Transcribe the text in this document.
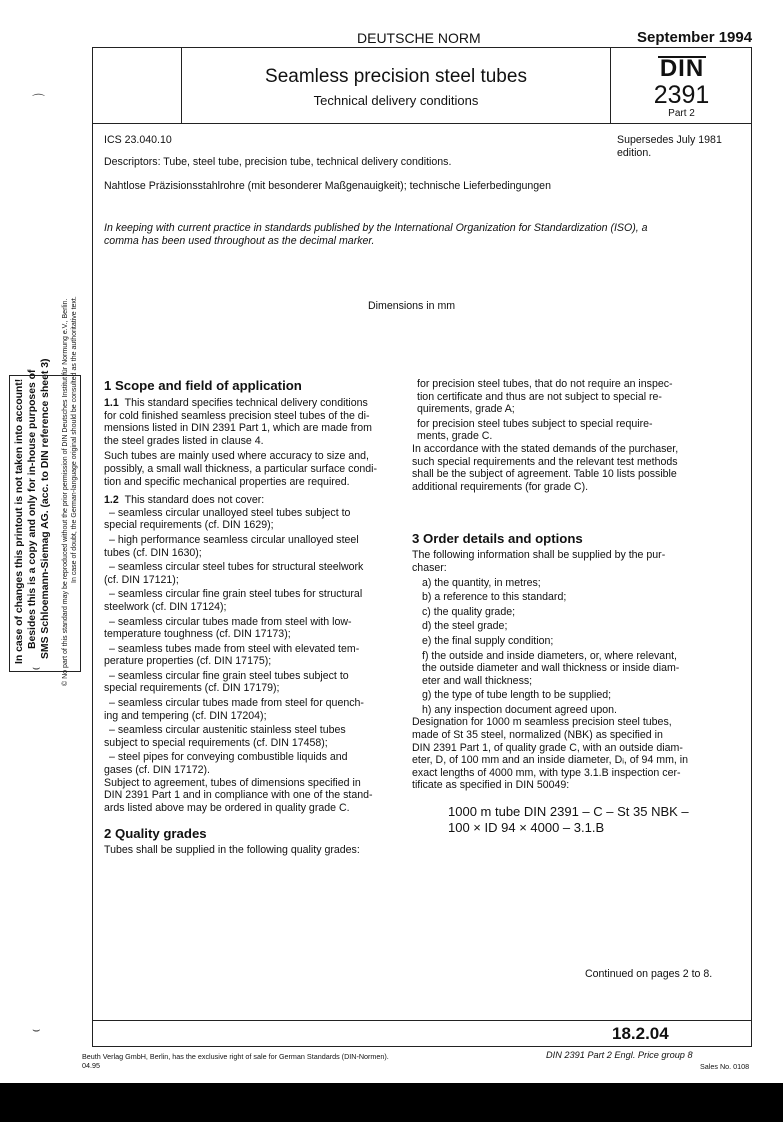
DEUTSCHE NORM	September 1994
Seamless precision steel tubes
Technical delivery conditions
DIN
2391
Part 2
ICS 23.040.10
Descriptors: Tube, steel tube, precision tube, technical delivery conditions.
Nahtlose Präzisionsstahlrohre (mit besonderer Maßgenauigkeit); technische Lieferbedingungen
Supersedes July 1981
edition.
In keeping with current practice in standards published by the International Organization for Standardization (ISO), a
comma has been used throughout as the decimal marker.
Dimensions in mm
1 Scope and field of application
1.1 This standard specifies technical delivery conditions
for cold finished seamless precision steel tubes of the di-
mensions listed in DIN 2391 Part 1, which are made from
the steel grades listed in clause 4.
Such tubes are mainly used where accuracy to size and,
possibly, a small wall thickness, a particular surface condi-
tion and specific mechanical properties are required.
1.2 This standard does not cover:
– seamless circular unalloyed steel tubes subject to
special requirements (cf. DIN 1629);
– high performance seamless circular unalloyed steel
tubes (cf. DIN 1630);
– seamless circular steel tubes for structural steelwork
(cf. DIN 17121);
– seamless circular fine grain steel tubes for structural
steelwork (cf. DIN 17124);
– seamless circular tubes made from steel with low-
temperature toughness (cf. DIN 17173);
– seamless tubes made from steel with elevated tem-
perature properties (cf. DIN 17175);
– seamless circular fine grain steel tubes subject to
special requirements (cf. DIN 17179);
– seamless circular tubes made from steel for quench-
ing and tempering (cf. DIN 17204);
– seamless circular austenitic stainless steel tubes
subject to special requirements (cf. DIN 17458);
– steel pipes for conveying combustible liquids and
gases (cf. DIN 17172).
Subject to agreement, tubes of dimensions specified in
DIN 2391 Part 1 and in compliance with one of the stand-
ards listed above may be ordered in quality grade C.
2 Quality grades
Tubes shall be supplied in the following quality grades:
for precision steel tubes, that do not require an inspec-
tion certificate and thus are not subject to special re-
quirements, grade A;
for precision steel tubes subject to special require-
ments, grade C.
In accordance with the stated demands of the purchaser,
such special requirements and the relevant test methods
shall be the subject of agreement. Table 10 lists possible
additional requirements (for grade C).
3 Order details and options
The following information shall be supplied by the pur-
chaser:
a) the quantity, in metres;
b) a reference to this standard;
c) the quality grade;
d) the steel grade;
e) the final supply condition;
f) the outside and inside diameters, or, where relevant,
the outside diameter and wall thickness or inside diam-
eter and wall thickness;
g) the type of tube length to be supplied;
h) any inspection document agreed upon.
Designation for 1000 m seamless precision steel tubes,
made of St 35 steel, normalized (NBK) as specified in
DIN 2391 Part 1, of quality grade C, with an outside diam-
eter, D, of 100 mm and an inside diameter, Dᵢ, of 94 mm, in
exact lengths of 4000 mm, with type 3.1.B inspection cer-
tificate as specified in DIN 50049:
1000 m tube DIN 2391 – C – St 35 NBK –
100 × ID 94 × 4000 – 3.1.B
Continued on pages 2 to 8.
18.2.04
Beuth Verlag GmbH, Berlin, has the exclusive right of sale for German Standards (DIN-Normen).
04.95
DIN 2391 Part 2 Engl. Price group 8
Sales No. 0108
In case of changes this printout is not taken into account! Besides this is a copy and only for in-house purposes of SMS Schloemann-Siemag AG. (acc. to DIN reference sheet 3) © No part of this standard may be reproduced without the prior permission of DIN Deutsches Institut für Normung e.V., Berlin. In case of doubt, the German-language original should be consulted as the authoritative text.
⌒
⌣
⌣
